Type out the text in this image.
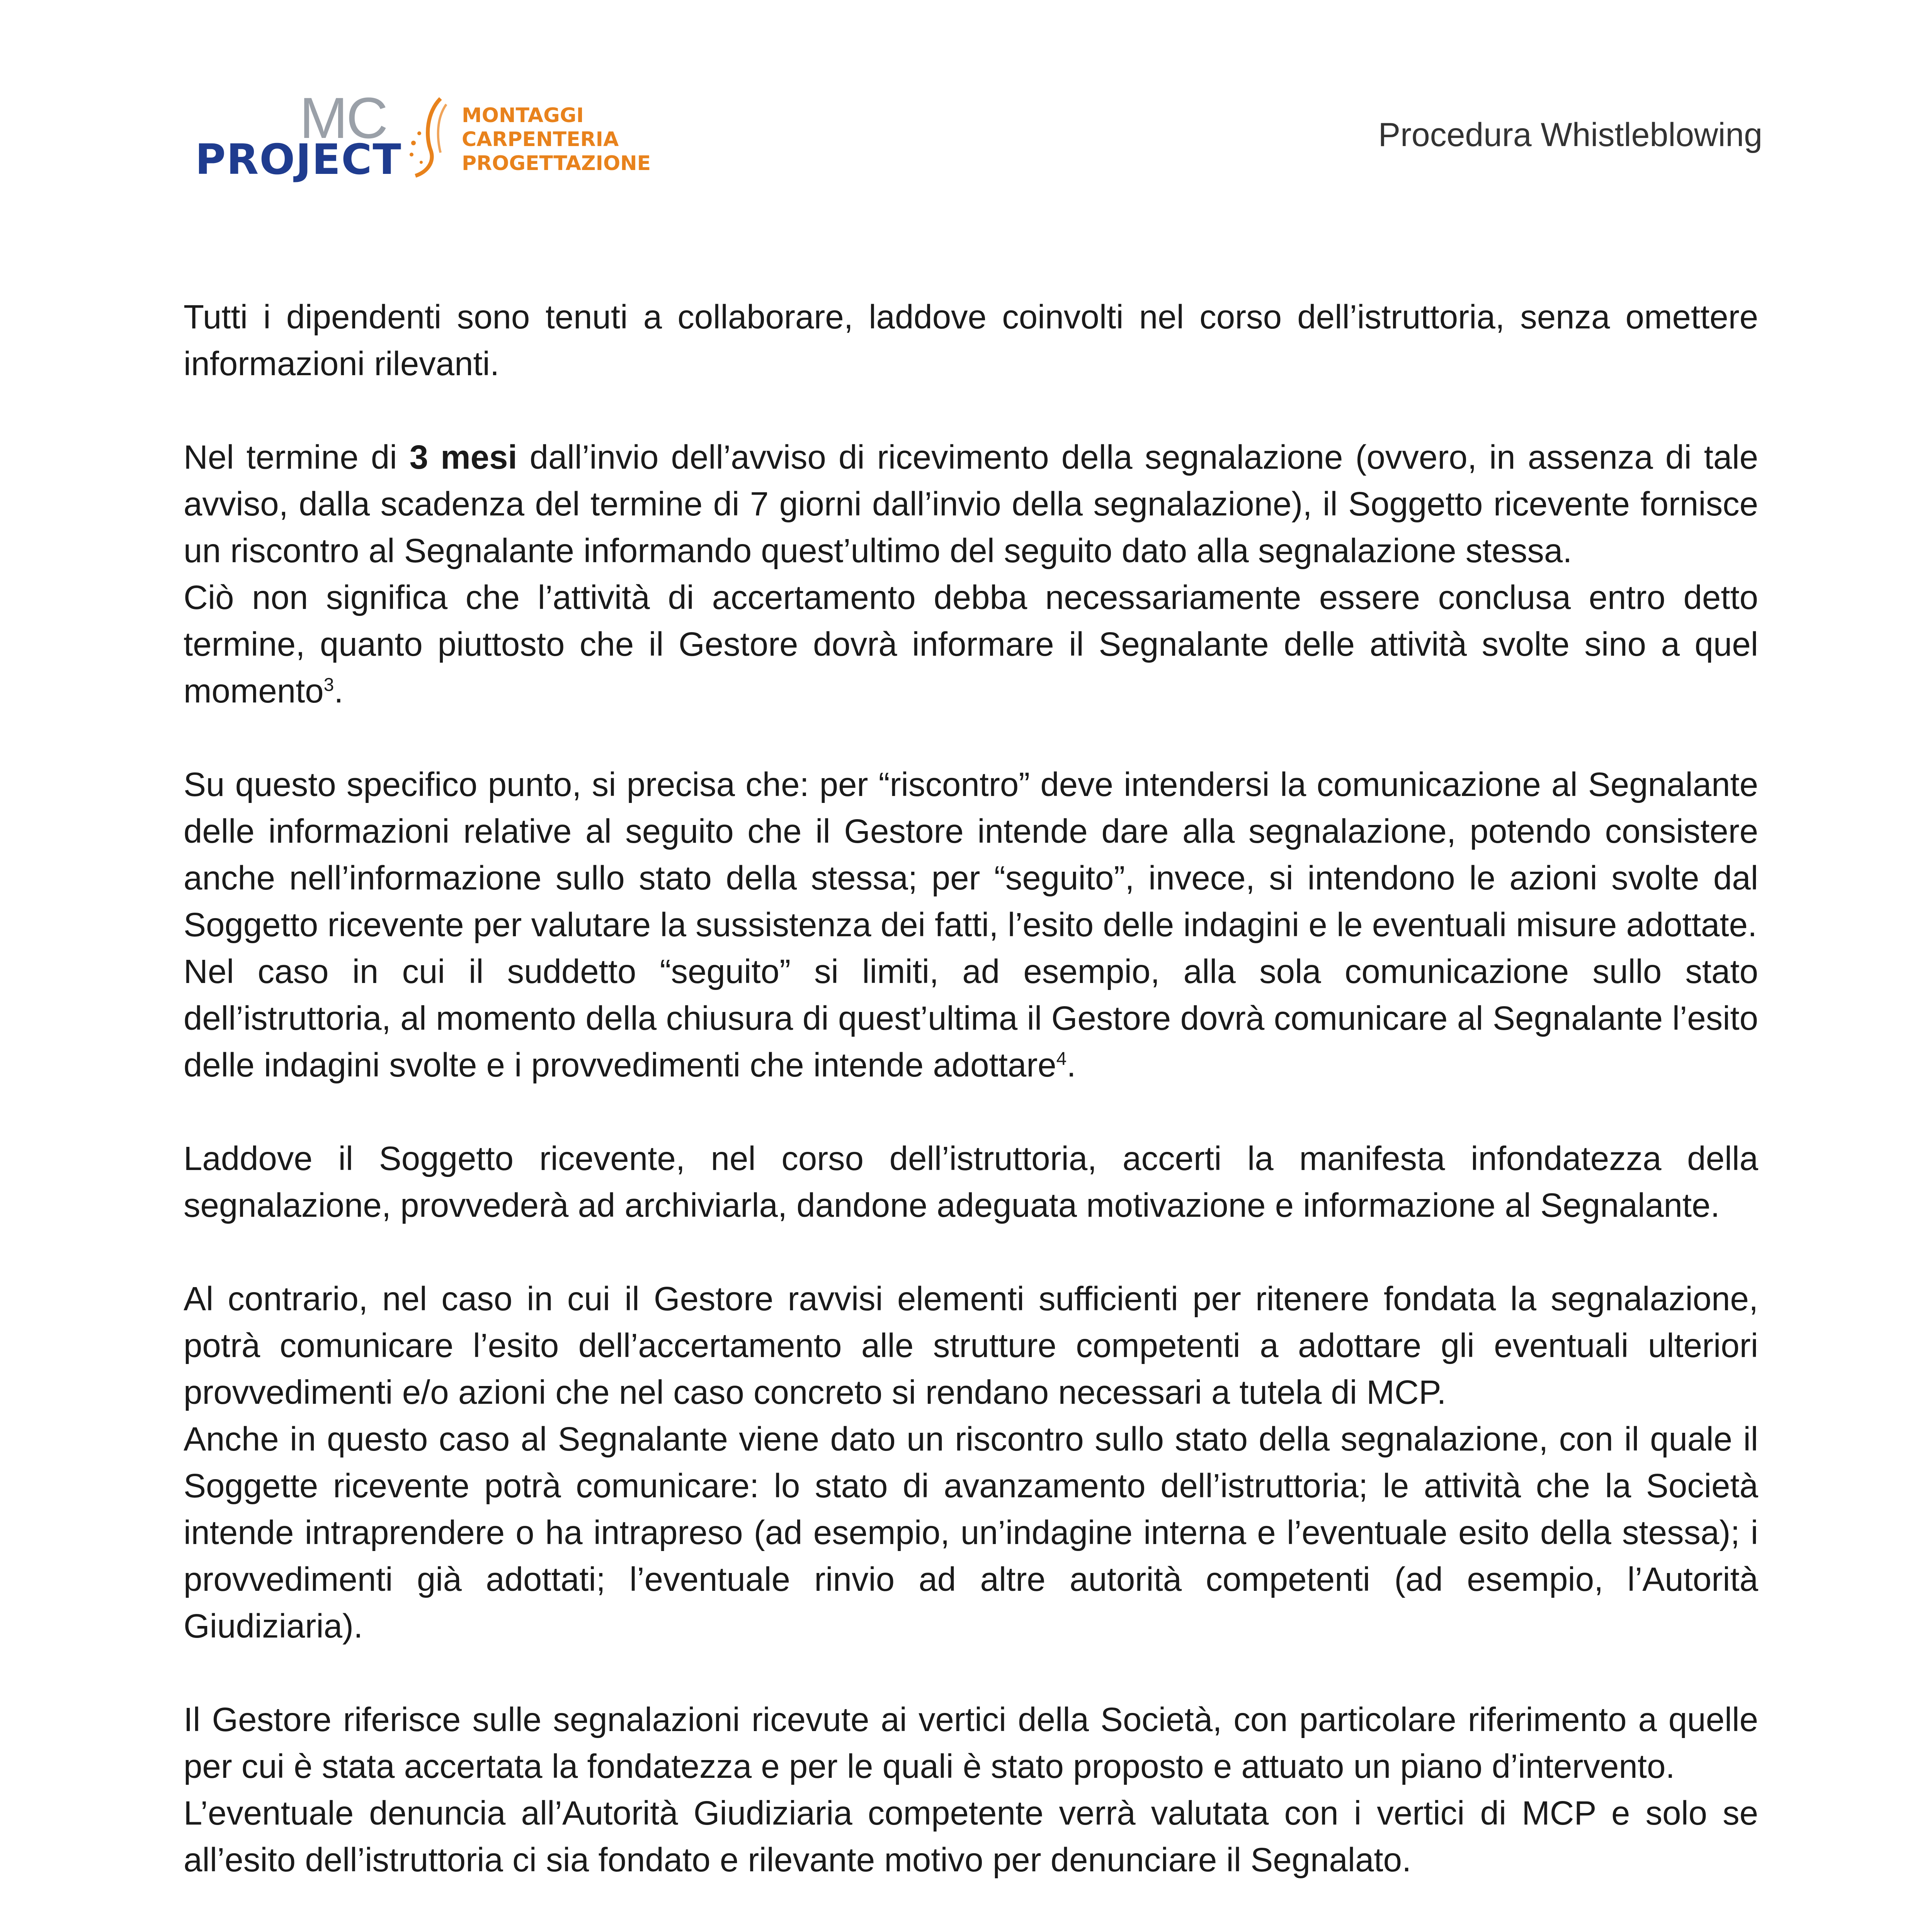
MC
PROJECT
MONTAGGI
CARPENTERIA
PROGETTAZIONE
Procedura Whistleblowing

Tutti i dipendenti sono tenuti a collaborare, laddove coinvolti nel corso dell’istruttoria, senza omettere informazioni rilevanti.

Nel termine di 3 mesi dall’invio dell’avviso di ricevimento della segnalazione (ovvero, in assenza di tale avviso, dalla scadenza del termine di 7 giorni dall’invio della segnalazione), il Soggetto ricevente fornisce un riscontro al Segnalante informando quest’ultimo del seguito dato alla segnalazione stessa.

Ciò non significa che l’attività di accertamento debba necessariamente essere conclusa entro detto termine, quanto piuttosto che il Gestore dovrà informare il Segnalante delle attività svolte sino a quel momento$^3$.

Su questo specifico punto, si precisa che: per “riscontro” deve intendersi la comunicazione al Segnalante delle informazioni relative al seguito che il Gestore intende dare alla segnalazione, potendo consistere anche nell’informazione sullo stato della stessa; per “seguito”, invece, si intendono le azioni svolte dal Soggetto ricevente per valutare la sussistenza dei fatti, l’esito delle indagini e le eventuali misure adottate.

Nel caso in cui il suddetto “seguito” si limiti, ad esempio, alla sola comunicazione sullo stato dell’istruttoria, al momento della chiusura di quest’ultima il Gestore dovrà comunicare al Segnalante l’esito delle indagini svolte e i provvedimenti che intende adottare$^4$.

Laddove il Soggetto ricevente, nel corso dell’istruttoria, accerti la manifesta infondatezza della segnalazione, provvederà ad archiviarla, dandone adeguata motivazione e informazione al Segnalante.

Al contrario, nel caso in cui il Gestore ravvisi elementi sufficienti per ritenere fondata la segnalazione, potrà comunicare l’esito dell’accertamento alle strutture competenti a adottare gli eventuali ulteriori provvedimenti e/o azioni che nel caso concreto si rendano necessari a tutela di MCP.

Anche in questo caso al Segnalante viene dato un riscontro sullo stato della segnalazione, con il quale il Soggette ricevente potrà comunicare: lo stato di avanzamento dell’istruttoria; le attività che la Società intende intraprendere o ha intrapreso (ad esempio, un’indagine interna e l’eventuale esito della stessa); i provvedimenti già adottati; l’eventuale rinvio ad altre autorità competenti (ad esempio, l’Autorità Giudiziaria).

Il Gestore riferisce sulle segnalazioni ricevute ai vertici della Società, con particolare riferimento a quelle per cui è stata accertata la fondatezza e per le quali è stato proposto e attuato un piano d’intervento.

L’eventuale denuncia all’Autorità Giudiziaria competente verrà valutata con i vertici di MCP e solo se all’esito dell’istruttoria ci sia fondato e rilevante motivo per denunciare il Segnalato.
